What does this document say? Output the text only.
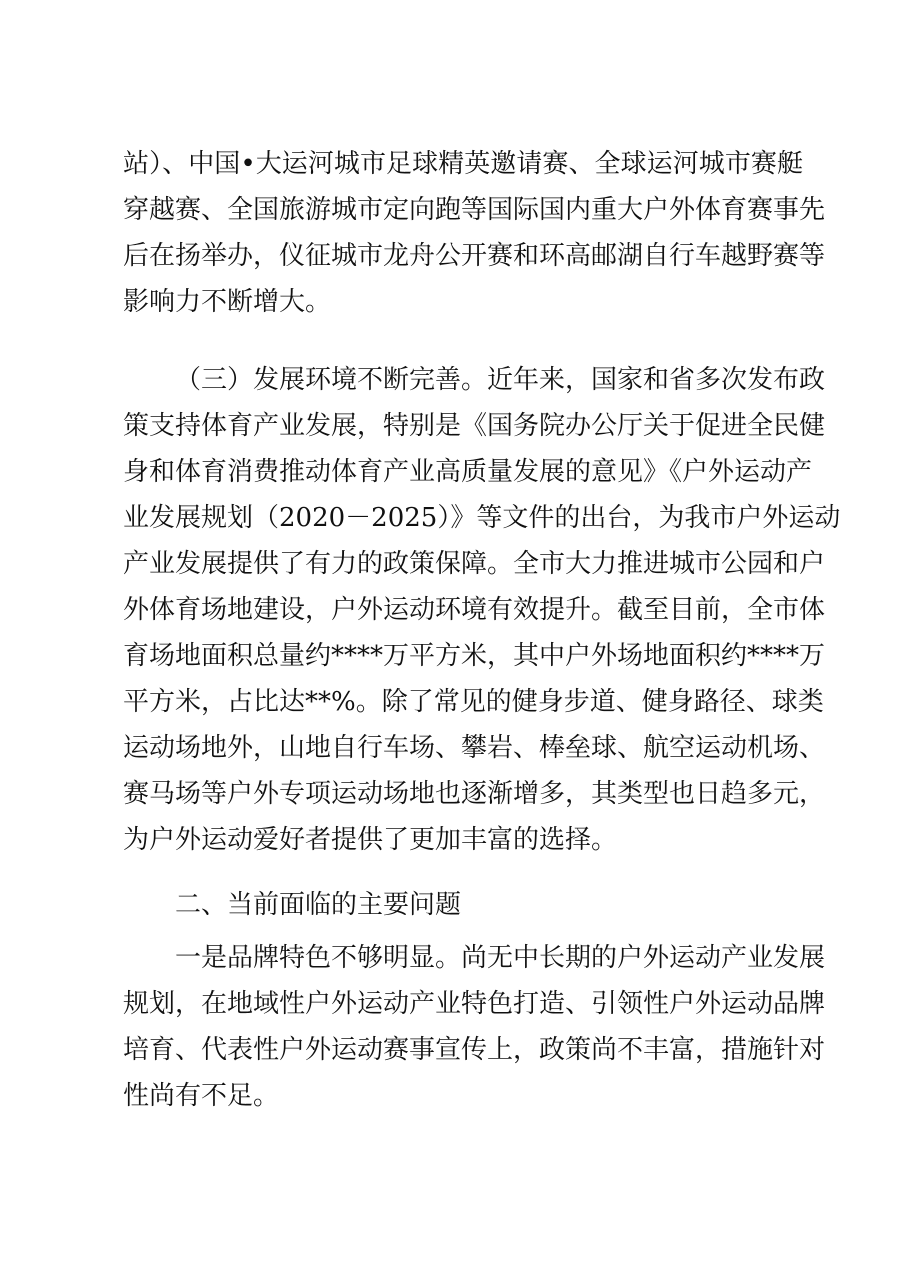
站）、中国•大运河城市足球精英邀请赛、全球运河城市赛艇
穿越赛、全国旅游城市定向跑等国际国内重大户外体育赛事先
后在扬举办，仪征城市龙舟公开赛和环高邮湖自行车越野赛等
影响力不断增大。
（三）发展环境不断完善。近年来，国家和省多次发布政
策支持体育产业发展，特别是《国务院办公厅关于促进全民健
身和体育消费推动体育产业高质量发展的意见》《户外运动产
业发展规划（2020－2025）》等文件的出台，为我市户外运动
产业发展提供了有力的政策保障。全市大力推进城市公园和户
外体育场地建设，户外运动环境有效提升。截至目前，全市体
育场地面积总量约****万平方米，其中户外场地面积约****万
平方米，占比达**%。除了常见的健身步道、健身路径、球类
运动场地外，山地自行车场、攀岩、棒垒球、航空运动机场、
赛马场等户外专项运动场地也逐渐增多，其类型也日趋多元，
为户外运动爱好者提供了更加丰富的选择。
二、当前面临的主要问题
一是品牌特色不够明显。尚无中长期的户外运动产业发展
规划，在地域性户外运动产业特色打造、引领性户外运动品牌
培育、代表性户外运动赛事宣传上，政策尚不丰富，措施针对
性尚有不足。
